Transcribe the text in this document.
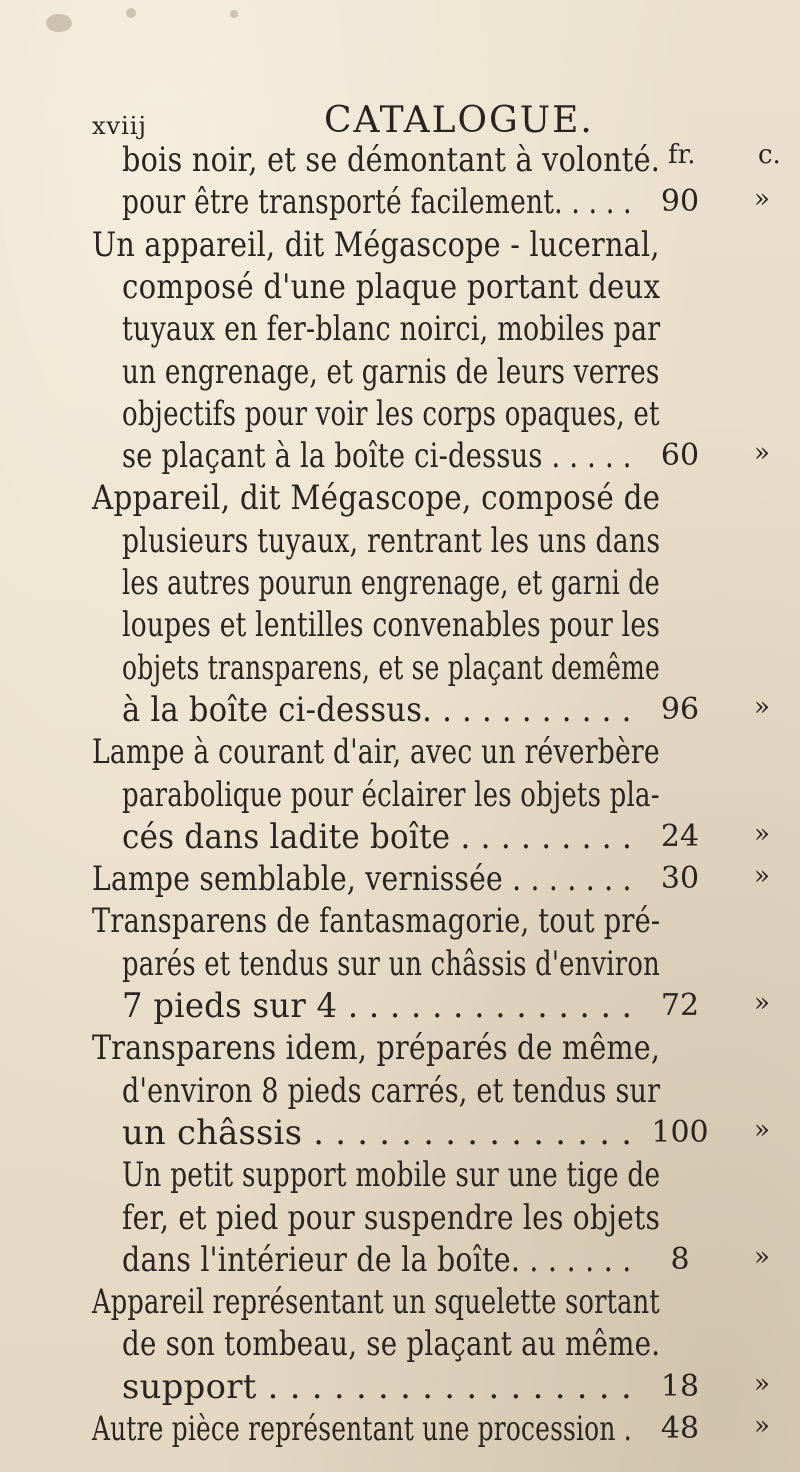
xviij	CATALOGUE.
fr. c.
bois noir, et se démontant à volonté.
pour être transporté facilement. . . . . 90	»
Un appareil, dit Mégascope - lucernal,
composé d'une plaque portant deux
tuyaux en fer-blanc noirci, mobiles par
un engrenage, et garnis de leurs verres
objectifs pour voir les corps opaques, et
se plaçant à la boîte ci-dessus . . . . . 60	»
Appareil, dit Mégascope, composé de
plusieurs tuyaux, rentrant les uns dans
les autres pourun engrenage, et garni de
loupes et lentilles convenables pour les
objets transparens, et se plaçant demême
à la boîte ci-dessus. . . . . . . . . . . 96	»
Lampe à courant d'air, avec un réverbère
parabolique pour éclairer les objets pla-
cés dans ladite boîte . . . . . . . . . 24	»
Lampe semblable, vernissée . . . . . . . 30	»
Transparens de fantasmagorie, tout pré-
parés et tendus sur un châssis d'environ
7 pieds sur 4 . . . . . . . . . . . . . . 72	»
Transparens idem, préparés de même,
d'environ 8 pieds carrés, et tendus sur
un châssis . . . . . . . . . . . . . . . 100	»
Un petit support mobile sur une tige de
fer, et pied pour suspendre les objets
dans l'intérieur de la boîte. . . . . . .	8	»
Appareil représentant un squelette sortant
de son tombeau, se plaçant au même.
support . . . . . . . . . . . . . . . . . 18	»
Autre pièce représentant une procession . 48	»
